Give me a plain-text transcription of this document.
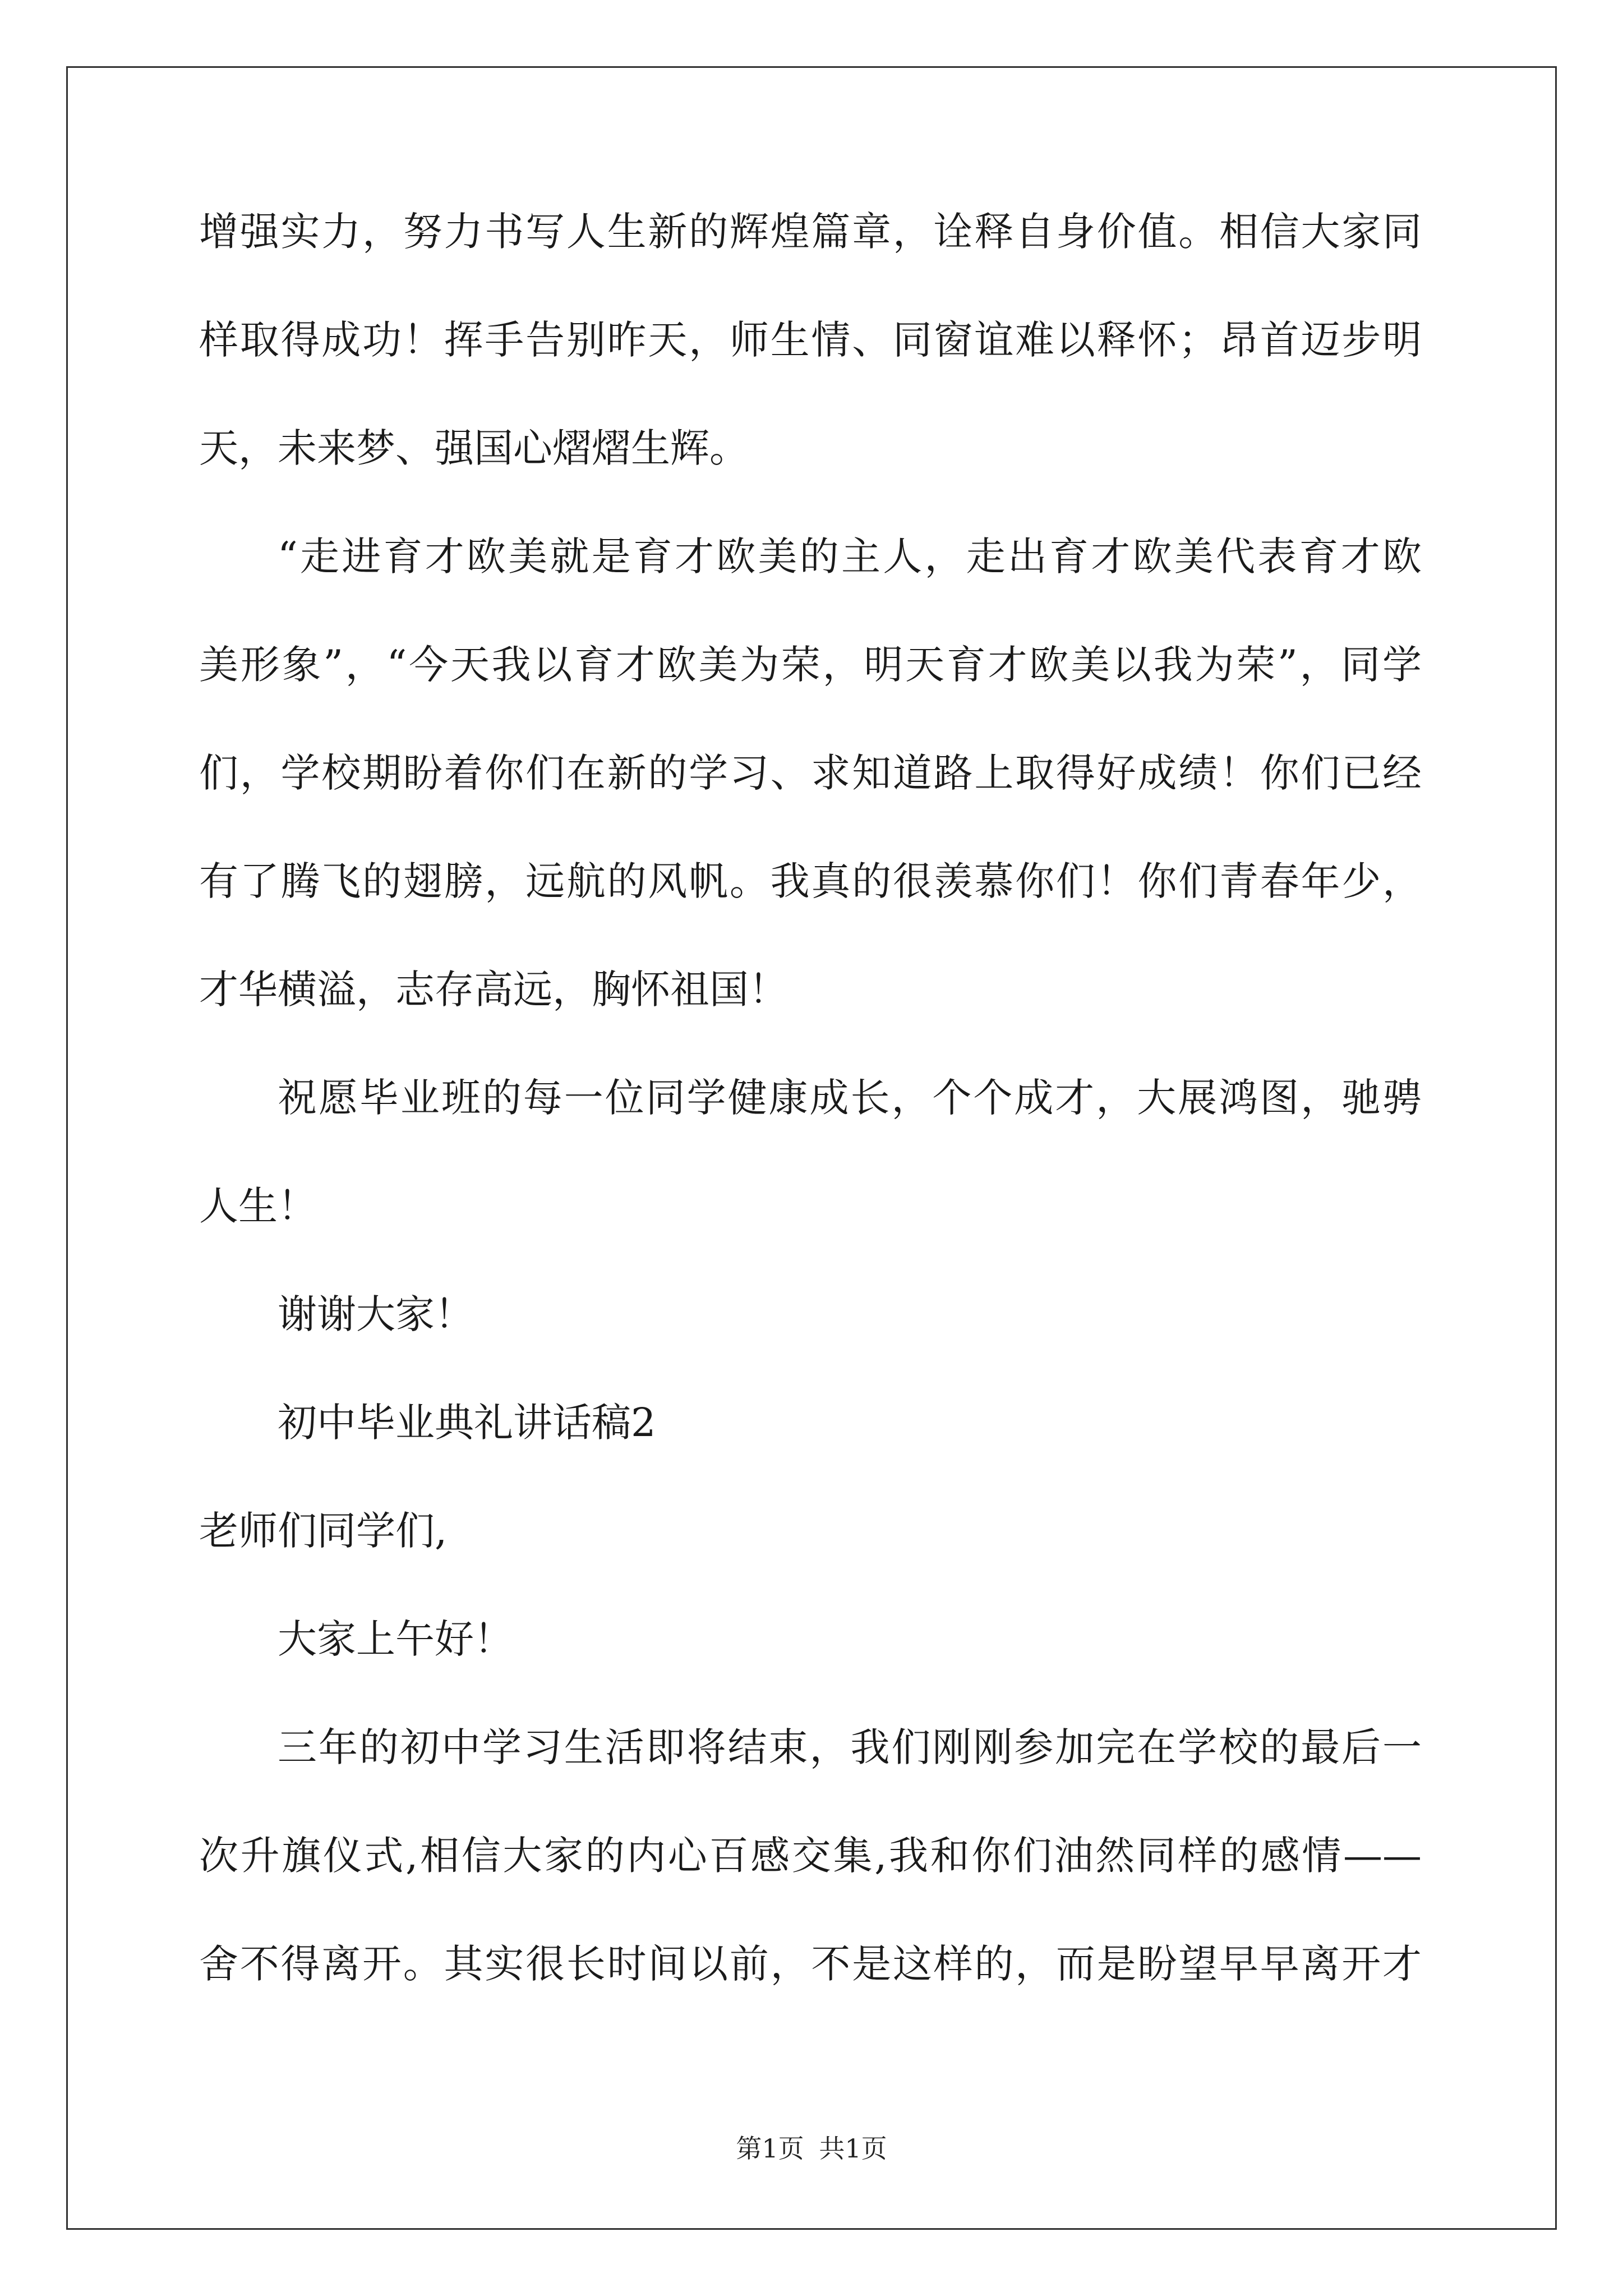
增强实力，努力书写人生新的辉煌篇章，诠释自身价值。相信大家同
样取得成功！挥手告别昨天，师生情、同窗谊难以释怀；昂首迈步明
天，未来梦、强国心熠熠生辉。
“走进育才欧美就是育才欧美的主人，走出育才欧美代表育才欧
美形象”，“今天我以育才欧美为荣，明天育才欧美以我为荣”，同学
们，学校期盼着你们在新的学习、求知道路上取得好成绩！你们已经
有了腾飞的翅膀，远航的风帆。我真的很羡慕你们！你们青春年少，
才华横溢，志存高远，胸怀祖国！
祝愿毕业班的每一位同学健康成长，个个成才，大展鸿图，驰骋
人生！
谢谢大家！
初中毕业典礼讲话稿2
老师们同学们,
大家上午好！
三年的初中学习生活即将结束，我们刚刚参加完在学校的最后一
次升旗仪式,相信大家的内心百感交集,我和你们油然同样的感情——
舍不得离开。其实很长时间以前，不是这样的，而是盼望早早离开才
第1页 共1页
